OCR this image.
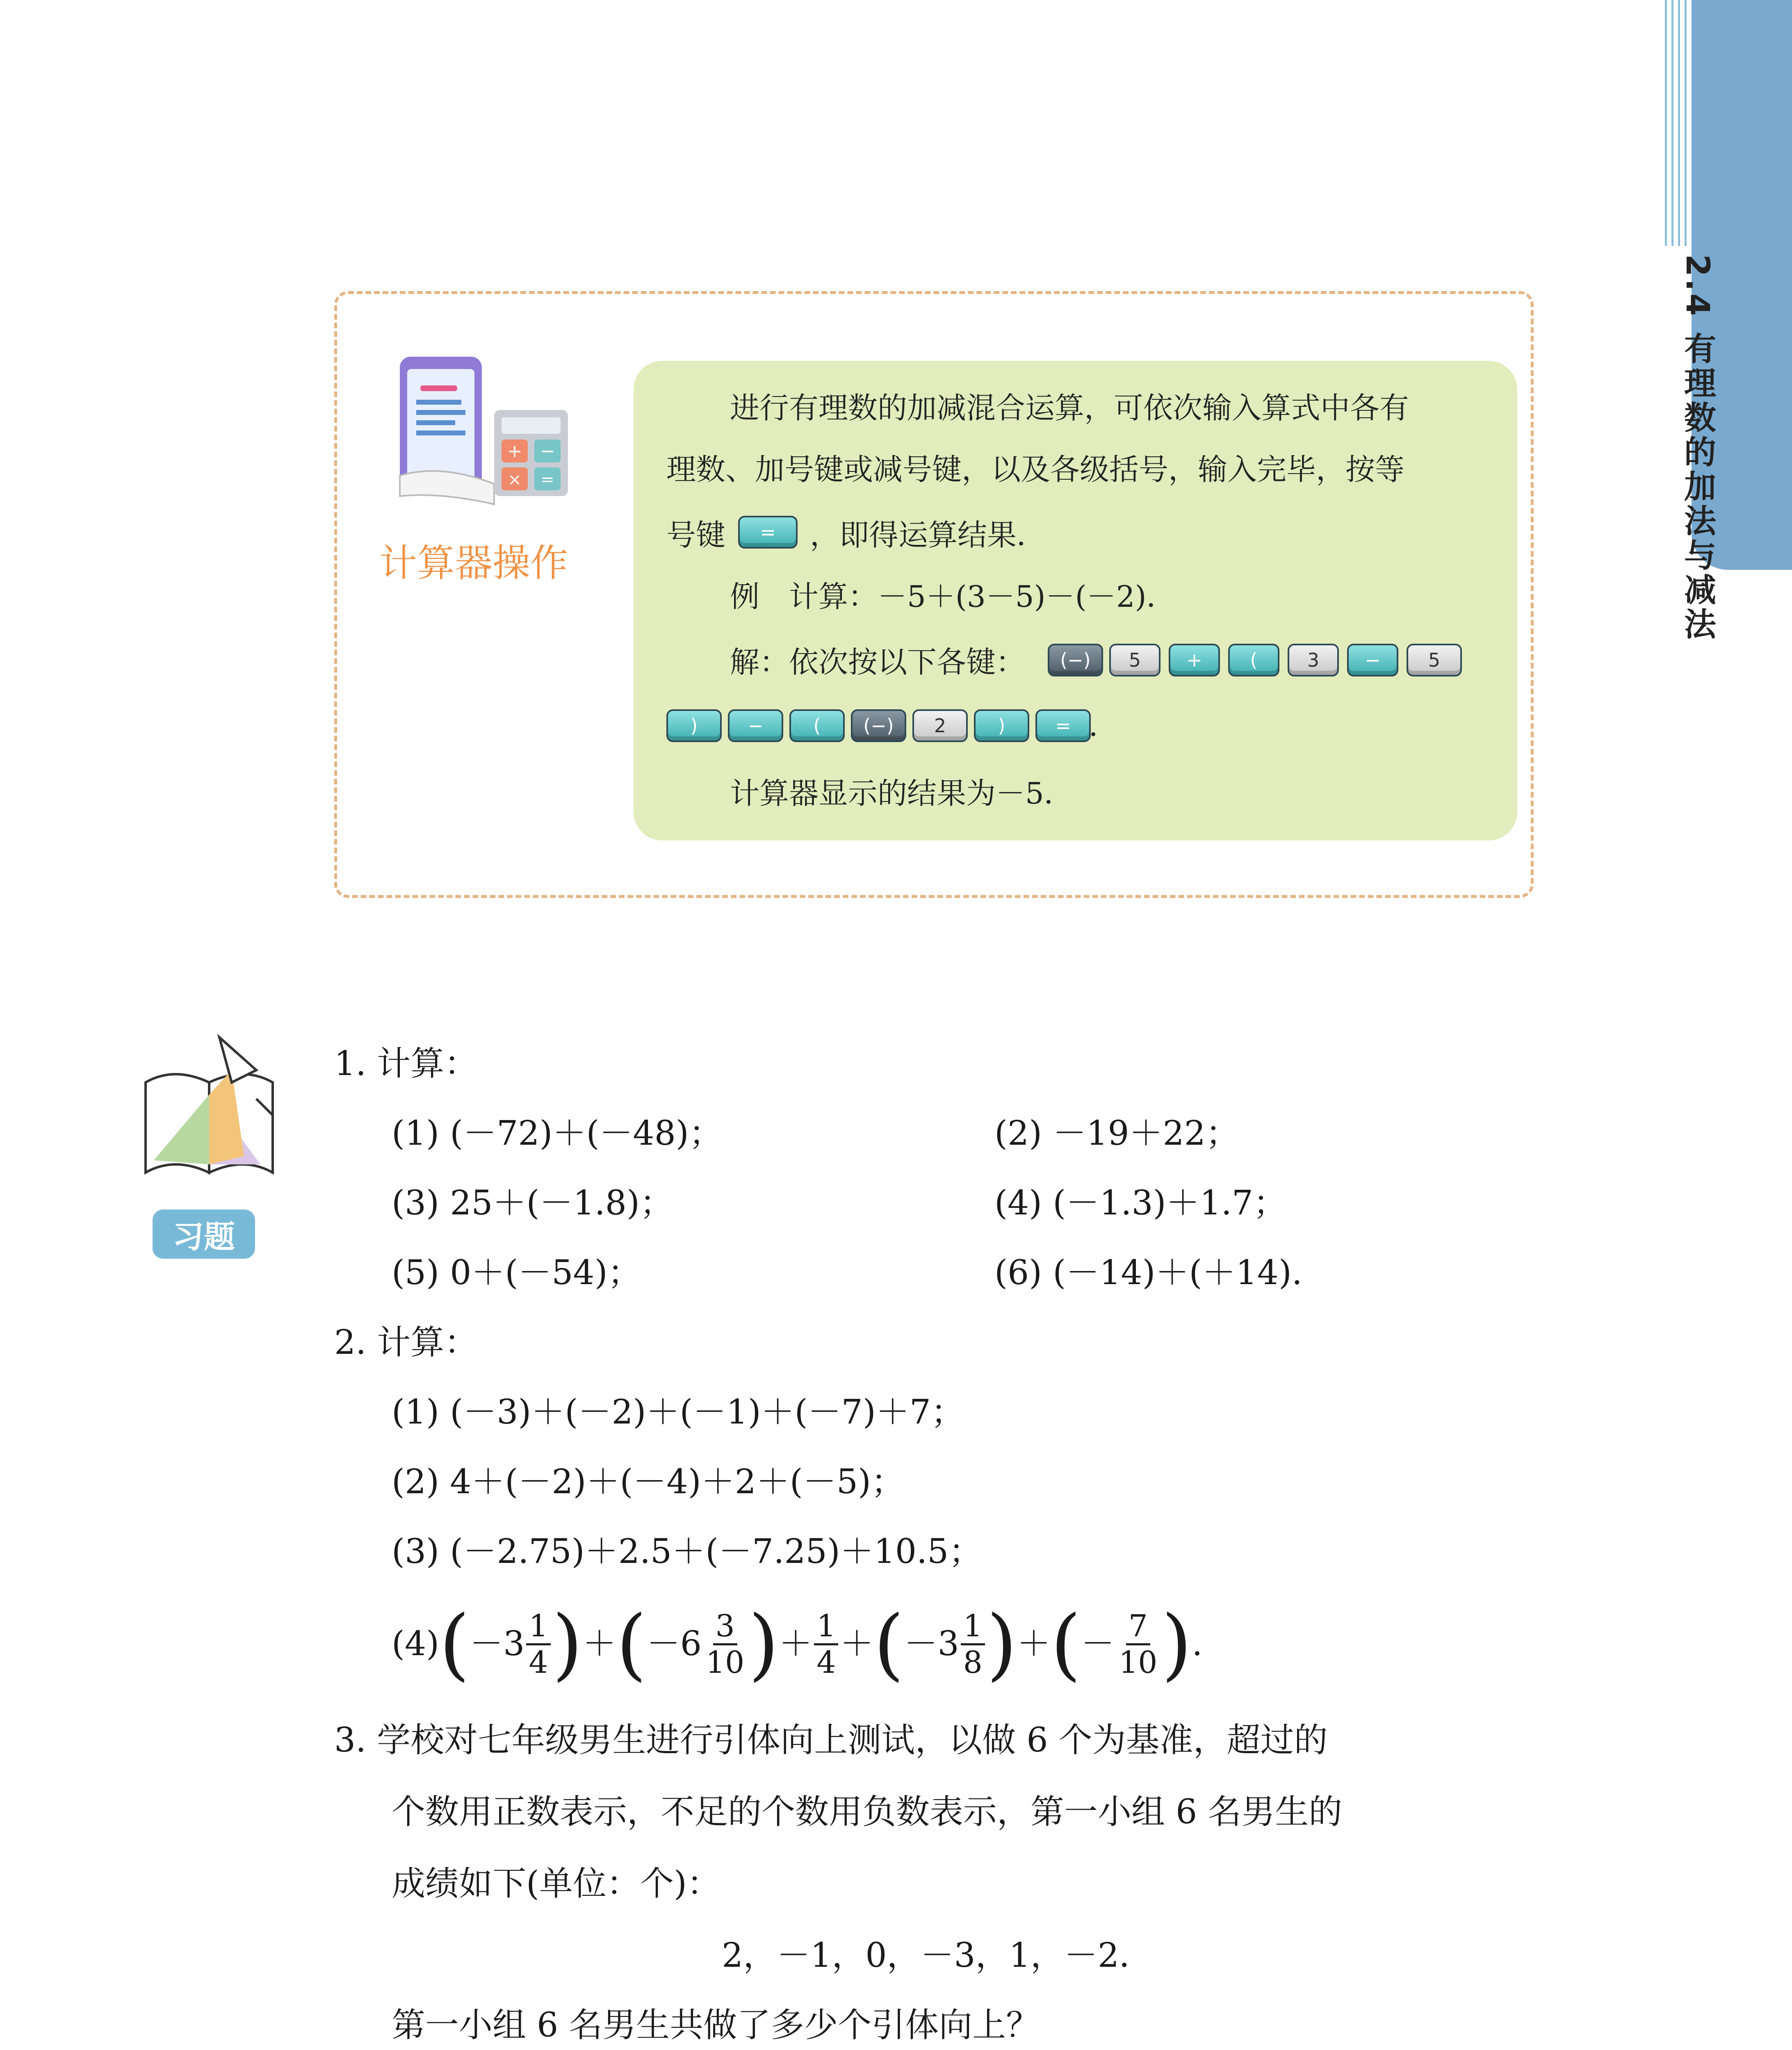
2.4 有理数的加法与减法
+ −
× =
计算器操作
进行有理数的加减混合运算，可依次输入算式中各有
理数、加号键或减号键，以及各级括号，输入完毕，按等
号键	=	，即得运算结果．
例　计算：－5＋(3－5)－(－2)．
解：依次按以下各键：	(−)	5	+	(	3	−	5
)	−	(	(−)	2	)	= ．
计算器显示的结果为－5．
习题
1. 计算：
(1) (－72)＋(－48)；	(2) －19＋22；
(3) 25＋(－1.8)；	(4) (－1.3)＋1.7；
(5) 0＋(－54)；	(6) (－14)＋(＋14).
2. 计算：
(1) (－3)＋(－2)＋(－1)＋(－7)＋7；
(2) 4＋(－2)＋(－4)＋2＋(－5)；
(3) (－2.75)＋2.5＋(－7.25)＋10.5；
(4) ( $-3 \frac{1}{4}$ ) ＋ ( $-6 \frac{3}{10}$ ) ＋ $\frac{1}{4}$ ＋ ( $-3 \frac{1}{8}$ ) ＋ ( － $\frac{7}{10}$ ) .
3. 学校对七年级男生进行引体向上测试，以做 6 个为基准，超过的
个数用正数表示，不足的个数用负数表示，第一小组 6 名男生的
成绩如下(单位：个)：
2，－1，0，－3，1，－2．
第一小组 6 名男生共做了多少个引体向上？
